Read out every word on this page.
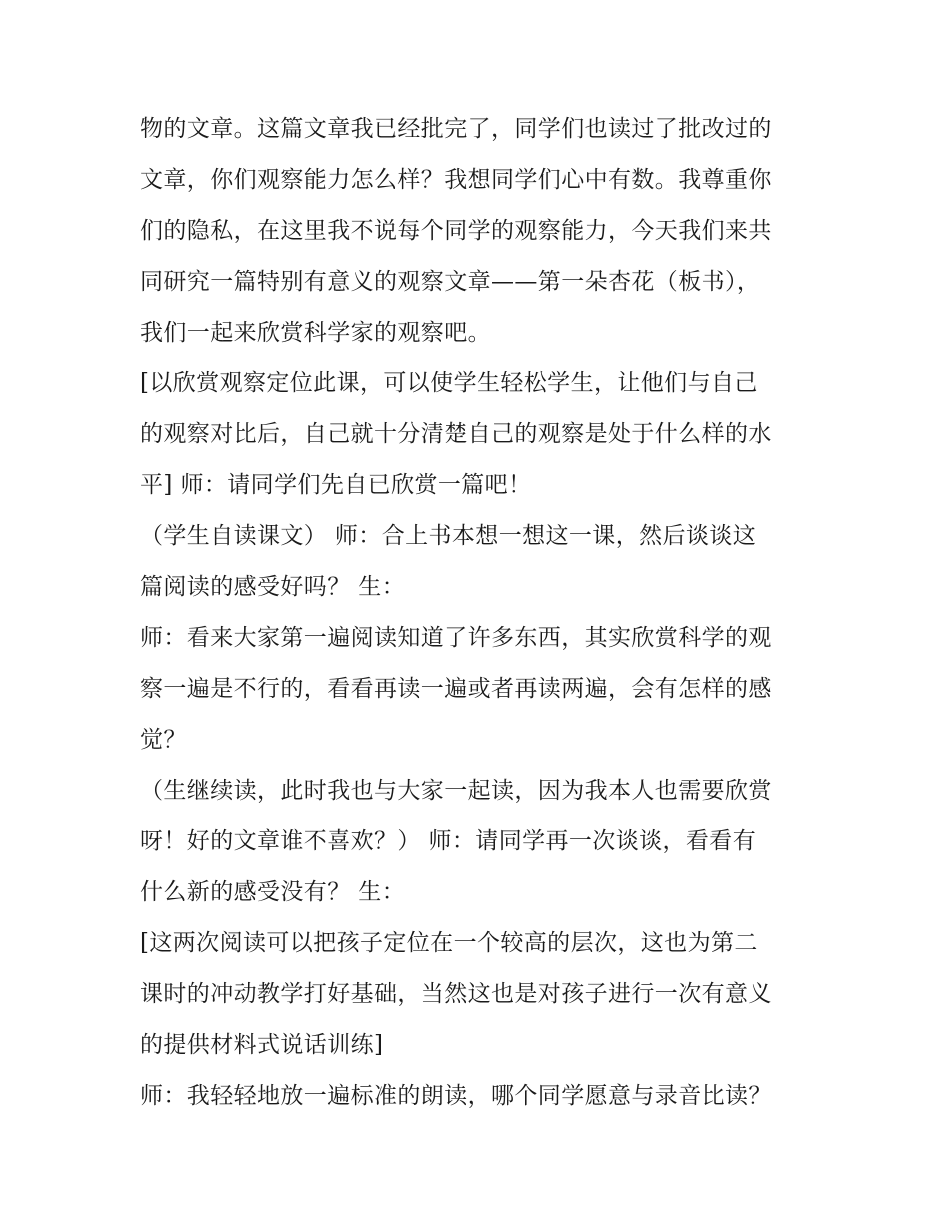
物的文章。这篇文章我已经批完了，同学们也读过了批改过的
文章，你们观察能力怎么样？我想同学们心中有数。我尊重你
们的隐私，在这里我不说每个同学的观察能力，今天我们来共
同研究一篇特别有意义的观察文章——第一朵杏花（板书），
我们一起来欣赏科学家的观察吧。
[以欣赏观察定位此课，可以使学生轻松学生，让他们与自己
的观察对比后，自己就十分清楚自己的观察是处于什么样的水
平] 师：请同学们先自已欣赏一篇吧！
（学生自读课文） 师：合上书本想一想这一课，然后谈谈这
篇阅读的感受好吗？ 生：
师：看来大家第一遍阅读知道了许多东西，其实欣赏科学的观
察一遍是不行的，看看再读一遍或者再读两遍，会有怎样的感
觉？
（生继续读，此时我也与大家一起读，因为我本人也需要欣赏
呀！好的文章谁不喜欢？） 师：请同学再一次谈谈，看看有
什么新的感受没有？ 生：
[这两次阅读可以把孩子定位在一个较高的层次，这也为第二
课时的冲动教学打好基础，当然这也是对孩子进行一次有意义
的提供材料式说话训练]
师：我轻轻地放一遍标准的朗读，哪个同学愿意与录音比读？
